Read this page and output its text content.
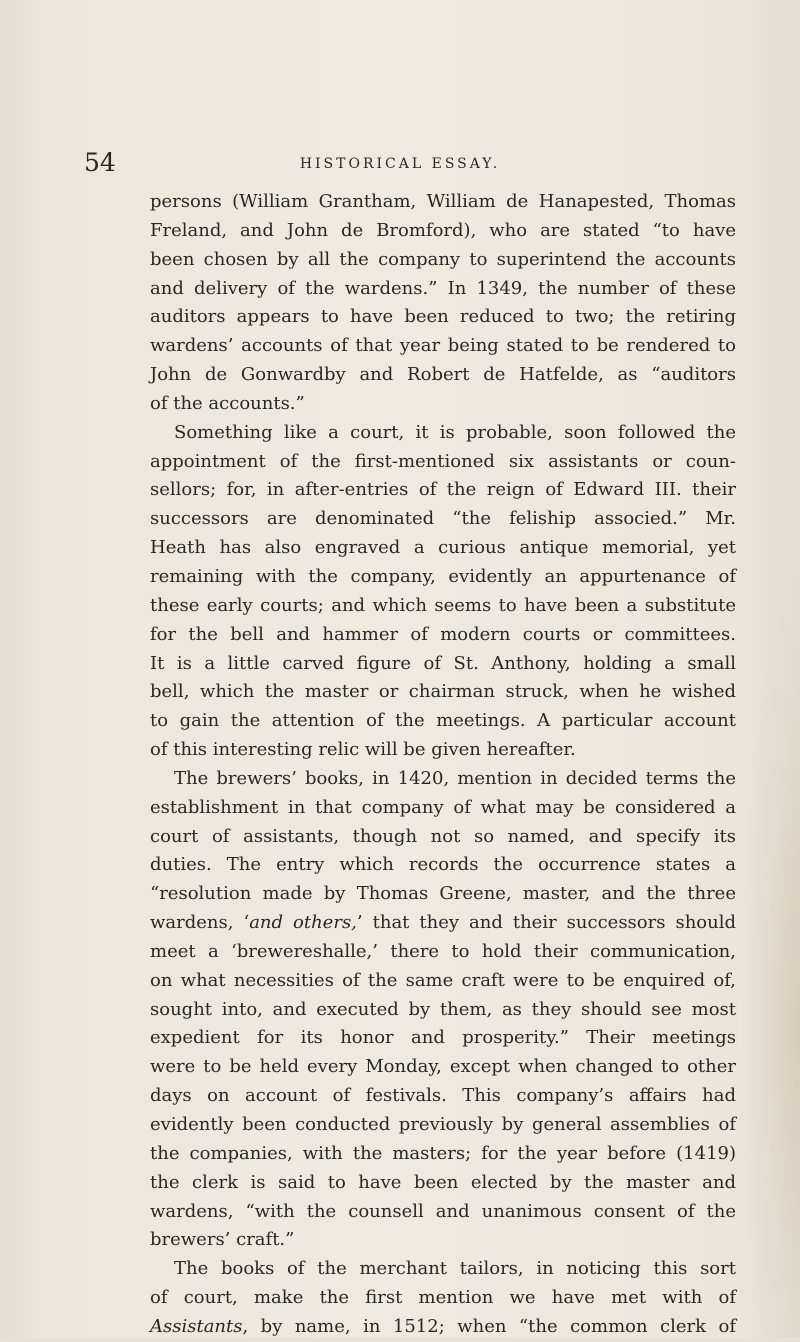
54	HISTORICAL ESSAY.
persons (William Grantham, William de Hanapested, Thomas
Freland, and John de Bromford), who are stated “to have
been chosen by all the company to superintend the accounts
and delivery of the wardens.” In 1349, the number of these
auditors appears to have been reduced to two; the retiring
wardens’ accounts of that year being stated to be rendered to
John de Gonwardby and Robert de Hatfelde, as “auditors
of the accounts.”
Something like a court, it is probable, soon followed the
appointment of the first-mentioned six assistants or coun-
sellors; for, in after-entries of the reign of Edward III. their
successors are denominated “the feliship associed.” Mr.
Heath has also engraved a curious antique memorial, yet
remaining with the company, evidently an appurtenance of
these early courts; and which seems to have been a substitute
for the bell and hammer of modern courts or committees.
It is a little carved figure of St. Anthony, holding a small
bell, which the master or chairman struck, when he wished
to gain the attention of the meetings. A particular account
of this interesting relic will be given hereafter.
The brewers’ books, in 1420, mention in decided terms the
establishment in that company of what may be considered a
court of assistants, though not so named, and specify its
duties. The entry which records the occurrence states a
“resolution made by Thomas Greene, master, and the three
wardens, ‘and others,’ that they and their successors should
meet a ‘brewereshalle,’ there to hold their communication,
on what necessities of the same craft were to be enquired of,
sought into, and executed by them, as they should see most
expedient for its honor and prosperity.” Their meetings
were to be held every Monday, except when changed to other
days on account of festivals. This company’s affairs had
evidently been conducted previously by general assemblies of
the companies, with the masters; for the year before (1419)
the clerk is said to have been elected by the master and
wardens, “with the counsell and unanimous consent of the
brewers’ craft.”
The books of the merchant tailors, in noticing this sort
of court, make the first mention we have met with of
Assistants, by name, in 1512; when “the common clerk of
